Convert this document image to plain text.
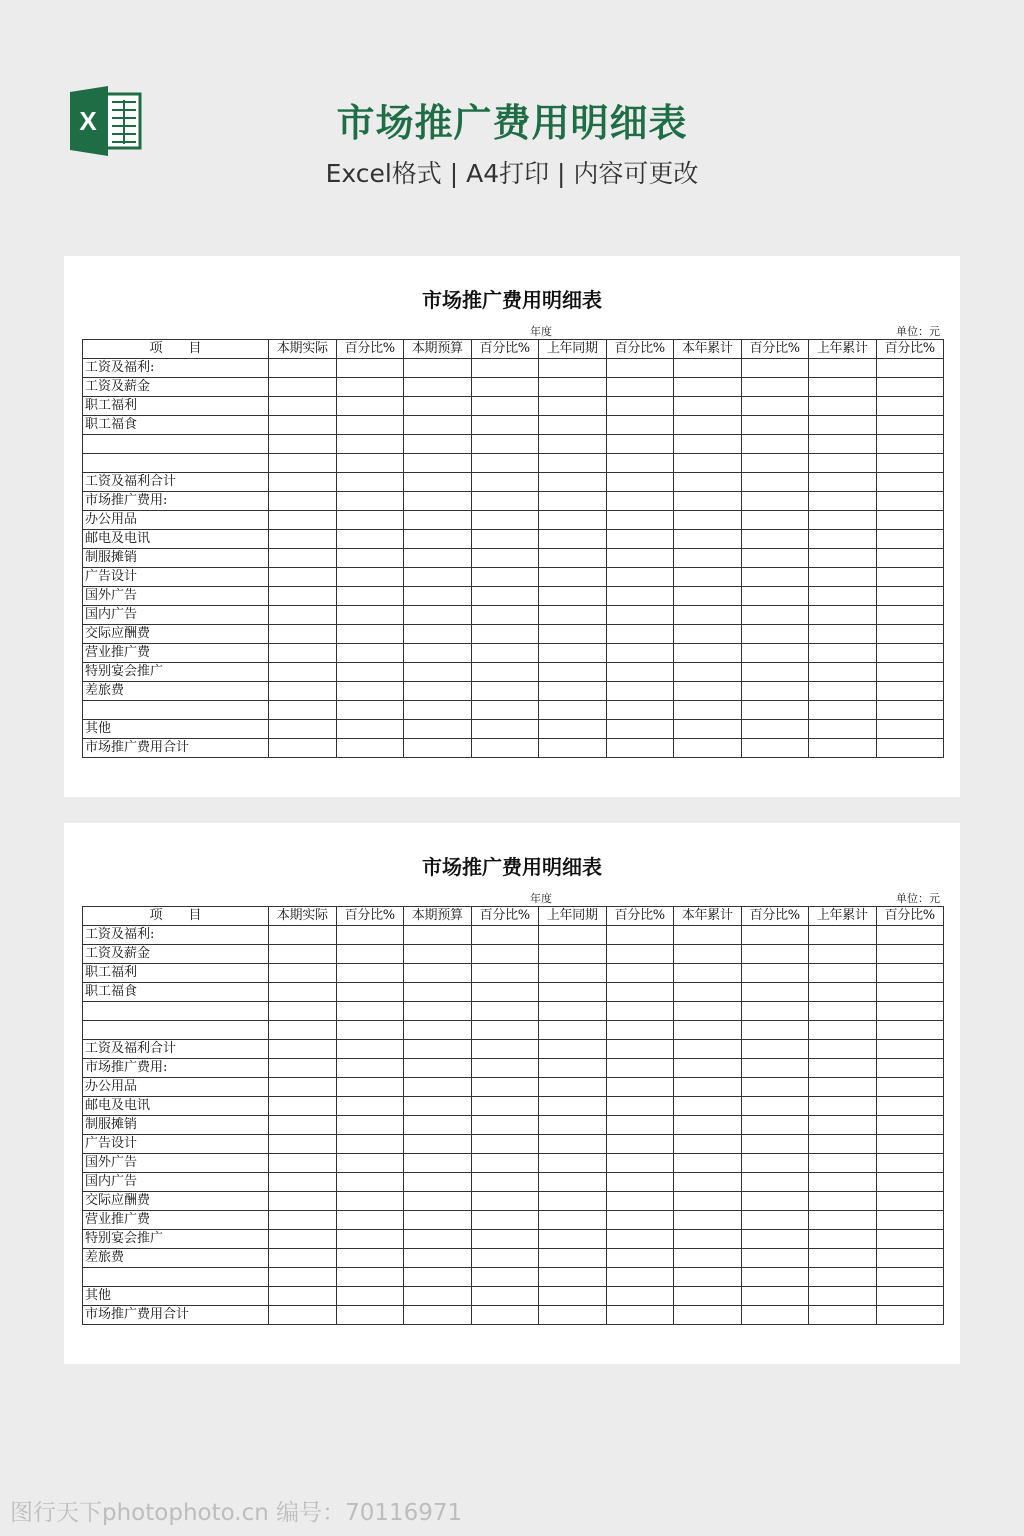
X	市场推广费用明细表
Excel格式 | A4打印 | 内容可更改
市场推广费用明细表
年度	单位：元
项　　目	本期实际	百分比%	本期预算	百分比%	上年同期	百分比%	本年累计	百分比%	上年累计	百分比%
工资及福利:										
工资及薪金										
职工福利										
职工福食										

工资及福利合计										
市场推广费用:										
办公用品										
邮电及电讯										
制服摊销										
广告设计										
国外广告										
国内广告										
交际应酬费										
营业推广费										
特别宴会推广										
差旅费										

其他										
市场推广费用合计										
市场推广费用明细表
年度	单位：元
项　　目	本期实际	百分比%	本期预算	百分比%	上年同期	百分比%	本年累计	百分比%	上年累计	百分比%
工资及福利:										
工资及薪金										
职工福利										
职工福食										

工资及福利合计										
市场推广费用:										
办公用品										
邮电及电讯										
制服摊销										
广告设计										
国外广告										
国内广告										
交际应酬费										
营业推广费										
特别宴会推广										
差旅费										

其他										
市场推广费用合计										
图行天下photophoto.cn 编号：70116971
